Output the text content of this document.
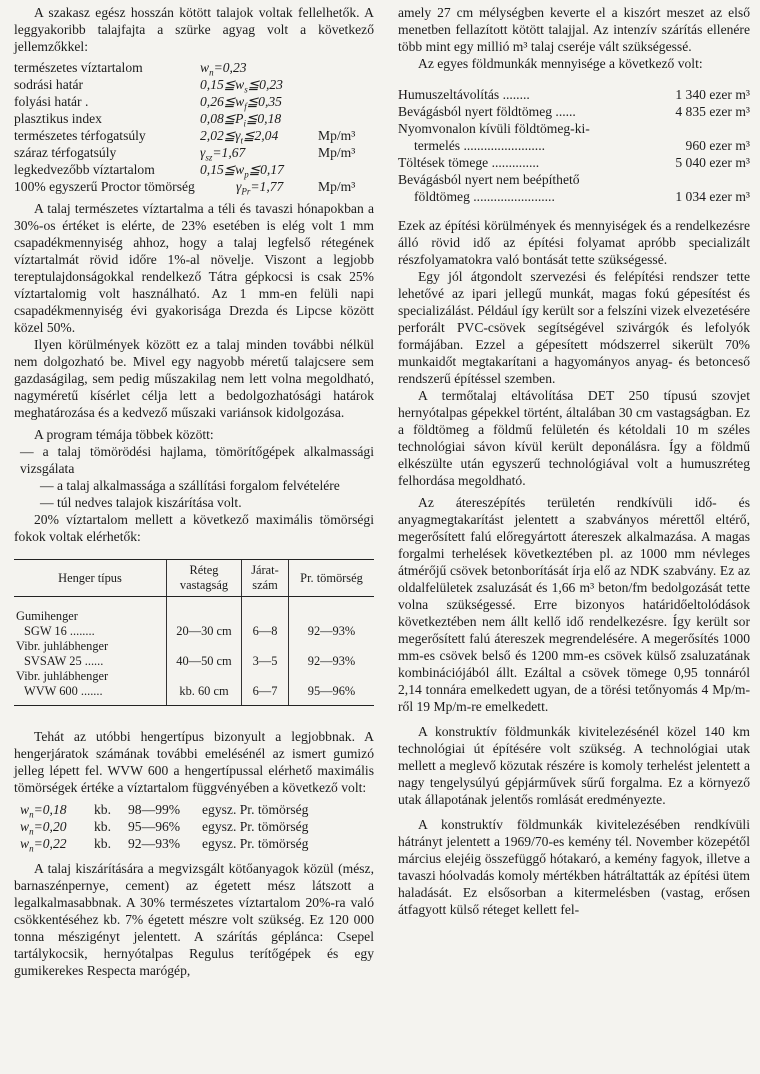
A szakasz egész hosszán kötött talajok voltak fellelhetők. A leggyakoribb talajfajta a szürke agyag volt a következő jellemzőkkel:

természetes víztartalom	$w_n=0,23$
sodrási határ	$0,15≦w_s≦0,23$
folyási határ .	$0,26≦w_f≦0,35$
plasztikus index	$0,08≦P_i≦0,18$
természetes térfogatsúly	$2,02≦\gamma_t≦2,04$	Mp/m³
száraz térfogatsúly	$\gamma_{sz}=1,67$	Mp/m³
legkedvezőbb víztartalom	$0,15≦w_p≦0,17$
100% egyszerű Proctor tömörség	$\gamma_{Pr}=1,77$	Mp/m³

A talaj természetes víztartalma a téli és tavaszi hónapokban a 30%-os értéket is elérte, de 23% esetében is elég volt 1 mm csapadékmennyiség ahhoz, hogy a talaj legfelső rétegének víztartalmát rövid időre 1%-al növelje. Viszont a legjobb tereptulajdonságokkal rendelkező Tátra gépkocsi is csak 25% víztartalomig volt használható. Az 1 mm-en felüli napi csapadékmennyiség évi gyakorisága Drezda és Lipcse között közel 50%.

Ilyen körülmények között ez a talaj minden további nélkül nem dolgozható be. Mivel egy nagyobb méretű talajcsere sem gazdaságilag, sem pedig műszakilag nem lett volna megoldható, nagyméretű kísérlet célja lett a bedolgozhatósági határok meghatározása és a kedvező műszaki variánsok kidolgozása.

A program témája többek között:

— a talaj tömörödési hajlama, tömörítőgépek alkalmassági vizsgálata

— a talaj alkalmassága a szállítási forgalom felvételére

— túl nedves talajok kiszárítása volt.

20% víztartalom mellett a következő maximális tömörségi fokok voltak elérhetők:

Henger típus	Réteg vastagság	Járat-szám	Pr. tömörség

Gumihenger
SGW 16 ........	20—30 cm	6—8	92—93%

Vibr. juhlábhenger
SVSAW 25 ......	40—50 cm	3—5	92—93%

Vibr. juhlábhenger
WVW 600 .......	kb. 60 cm	6—7	95—96%

Tehát az utóbbi hengertípus bizonyult a legjobbnak. A hengerjáratok számának további emelésénél az ismert gumizó jelleg lépett fel. WVW 600 a hengertípussal elérhető maximális tömörségek értéke a víztartalom függvényében a következő volt:

$w_n=0,18$	kb.	98—99%	egysz. Pr. tömörség
$w_n=0,20$	kb.	95—96%	egysz. Pr. tömörség
$w_n=0,22$	kb.	92—93%	egysz. Pr. tömörség

A talaj kiszárítására a megvizsgált kötőanyagok közül (mész, barnaszénpernye, cement) az égetett mész látszott a legalkalmasabbnak. A 30% természetes víztartalom 20%-ra való csökkentéséhez kb. 7% égetett mészre volt szükség. Ez 120 000 tonna mészigényt jelentett. A szárítás géplánca: Csepel tartálykocsik, hernyótalpas Regulus terítőgépek és egy gumikerekes Respecta marógép,

amely 27 cm mélységben keverte el a kiszórt meszet az első menetben fellazított kötött talajjal. Az intenzív szárítás ellenére több mint egy millió m³ talaj cseréje vált szükségessé.

Az egyes földmunkák mennyisége a következő volt:

Humuszeltávolítás ........	1 340 ezer m³
Bevágásból nyert földtömeg ......	4 835 ezer m³
Nyomvonalon kívüli földtömeg-ki-
termelés ........................	960 ezer m³
Töltések tömege ..............	5 040 ezer m³
Bevágásból nyert nem beépíthető
földtömeg ........................	1 034 ezer m³

Ezek az építési körülmények és mennyiségek és a rendelkezésre álló rövid idő az építési folyamat apróbb specializált részfolyamatokra való bontását tette szükségessé.

Egy jól átgondolt szervezési és felépítési rendszer tette lehetővé az ipari jellegű munkát, magas fokú gépesítést és specializálást. Például így került sor a felszíni vizek elvezetésére perforált PVC-csövek segítségével szivárgók és lefolyók formájában. Ezzel a gépesített módszerrel sikerült 70% munkaidőt megtakarítani a hagyományos anyag- és betonceső rendszerű építéssel szemben.

A termőtalaj eltávolítása DET 250 típusú szovjet hernyótalpas gépekkel történt, általában 30 cm vastagságban. Ez a földtömeg a földmű felületén és kétoldali 10 m széles technológiai sávon kívül került deponálásra. Így a földmű elkészülte után egyszerű technológiával volt a humuszréteg felhordása megoldható.

Az átereszépítés területén rendkívüli idő- és anyagmegtakarítást jelentett a szabványos mérettől eltérő, megerősített falú előregyártott átereszek alkalmazása. A magas forgalmi terhelések következtében pl. az 1000 mm névleges átmérőjű csövek betonborítását írja elő az NDK szabvány. Ez az oldalfelületek zsaluzását és 1,66 m³ beton/fm bedolgozását tette volna szükségessé. Erre bizonyos határidőeltolódások következtében nem állt kellő idő rendelkezésre. Így került sor megerősített falú átereszek megrendelésére. A megerősítés 1000 mm-es csövek belső és 1200 mm-es csövek külső zsaluzatának kombinációjából állt. Ezáltal a csövek tömege 0,95 tonnáról 2,14 tonnára emelkedett ugyan, de a törési tetőnyomás 4 Mp/m-ről 19 Mp/m-re emelkedett.

A konstruktív földmunkák kivitelezésénél közel 140 km technológiai út építésére volt szükség. A technológiai utak mellett a meglevő közutak részére is komoly terhelést jelentett a nagy tengelysúlyú gépjárművek sűrű forgalma. Ez a környező utak állapotának jelentős romlását eredményezte.

A konstruktív földmunkák kivitelezésében rendkívüli hátrányt jelentett a 1969/70-es kemény tél. November közepétől március elejéig összefüggő hótakaró, a kemény fagyok, illetve a tavaszi hóolvadás komoly mértékben hátráltatták az építési ütem haladását. Ez elsősorban a kitermelésben (vastag, erősen átfagyott külső réteget kellett fel-
